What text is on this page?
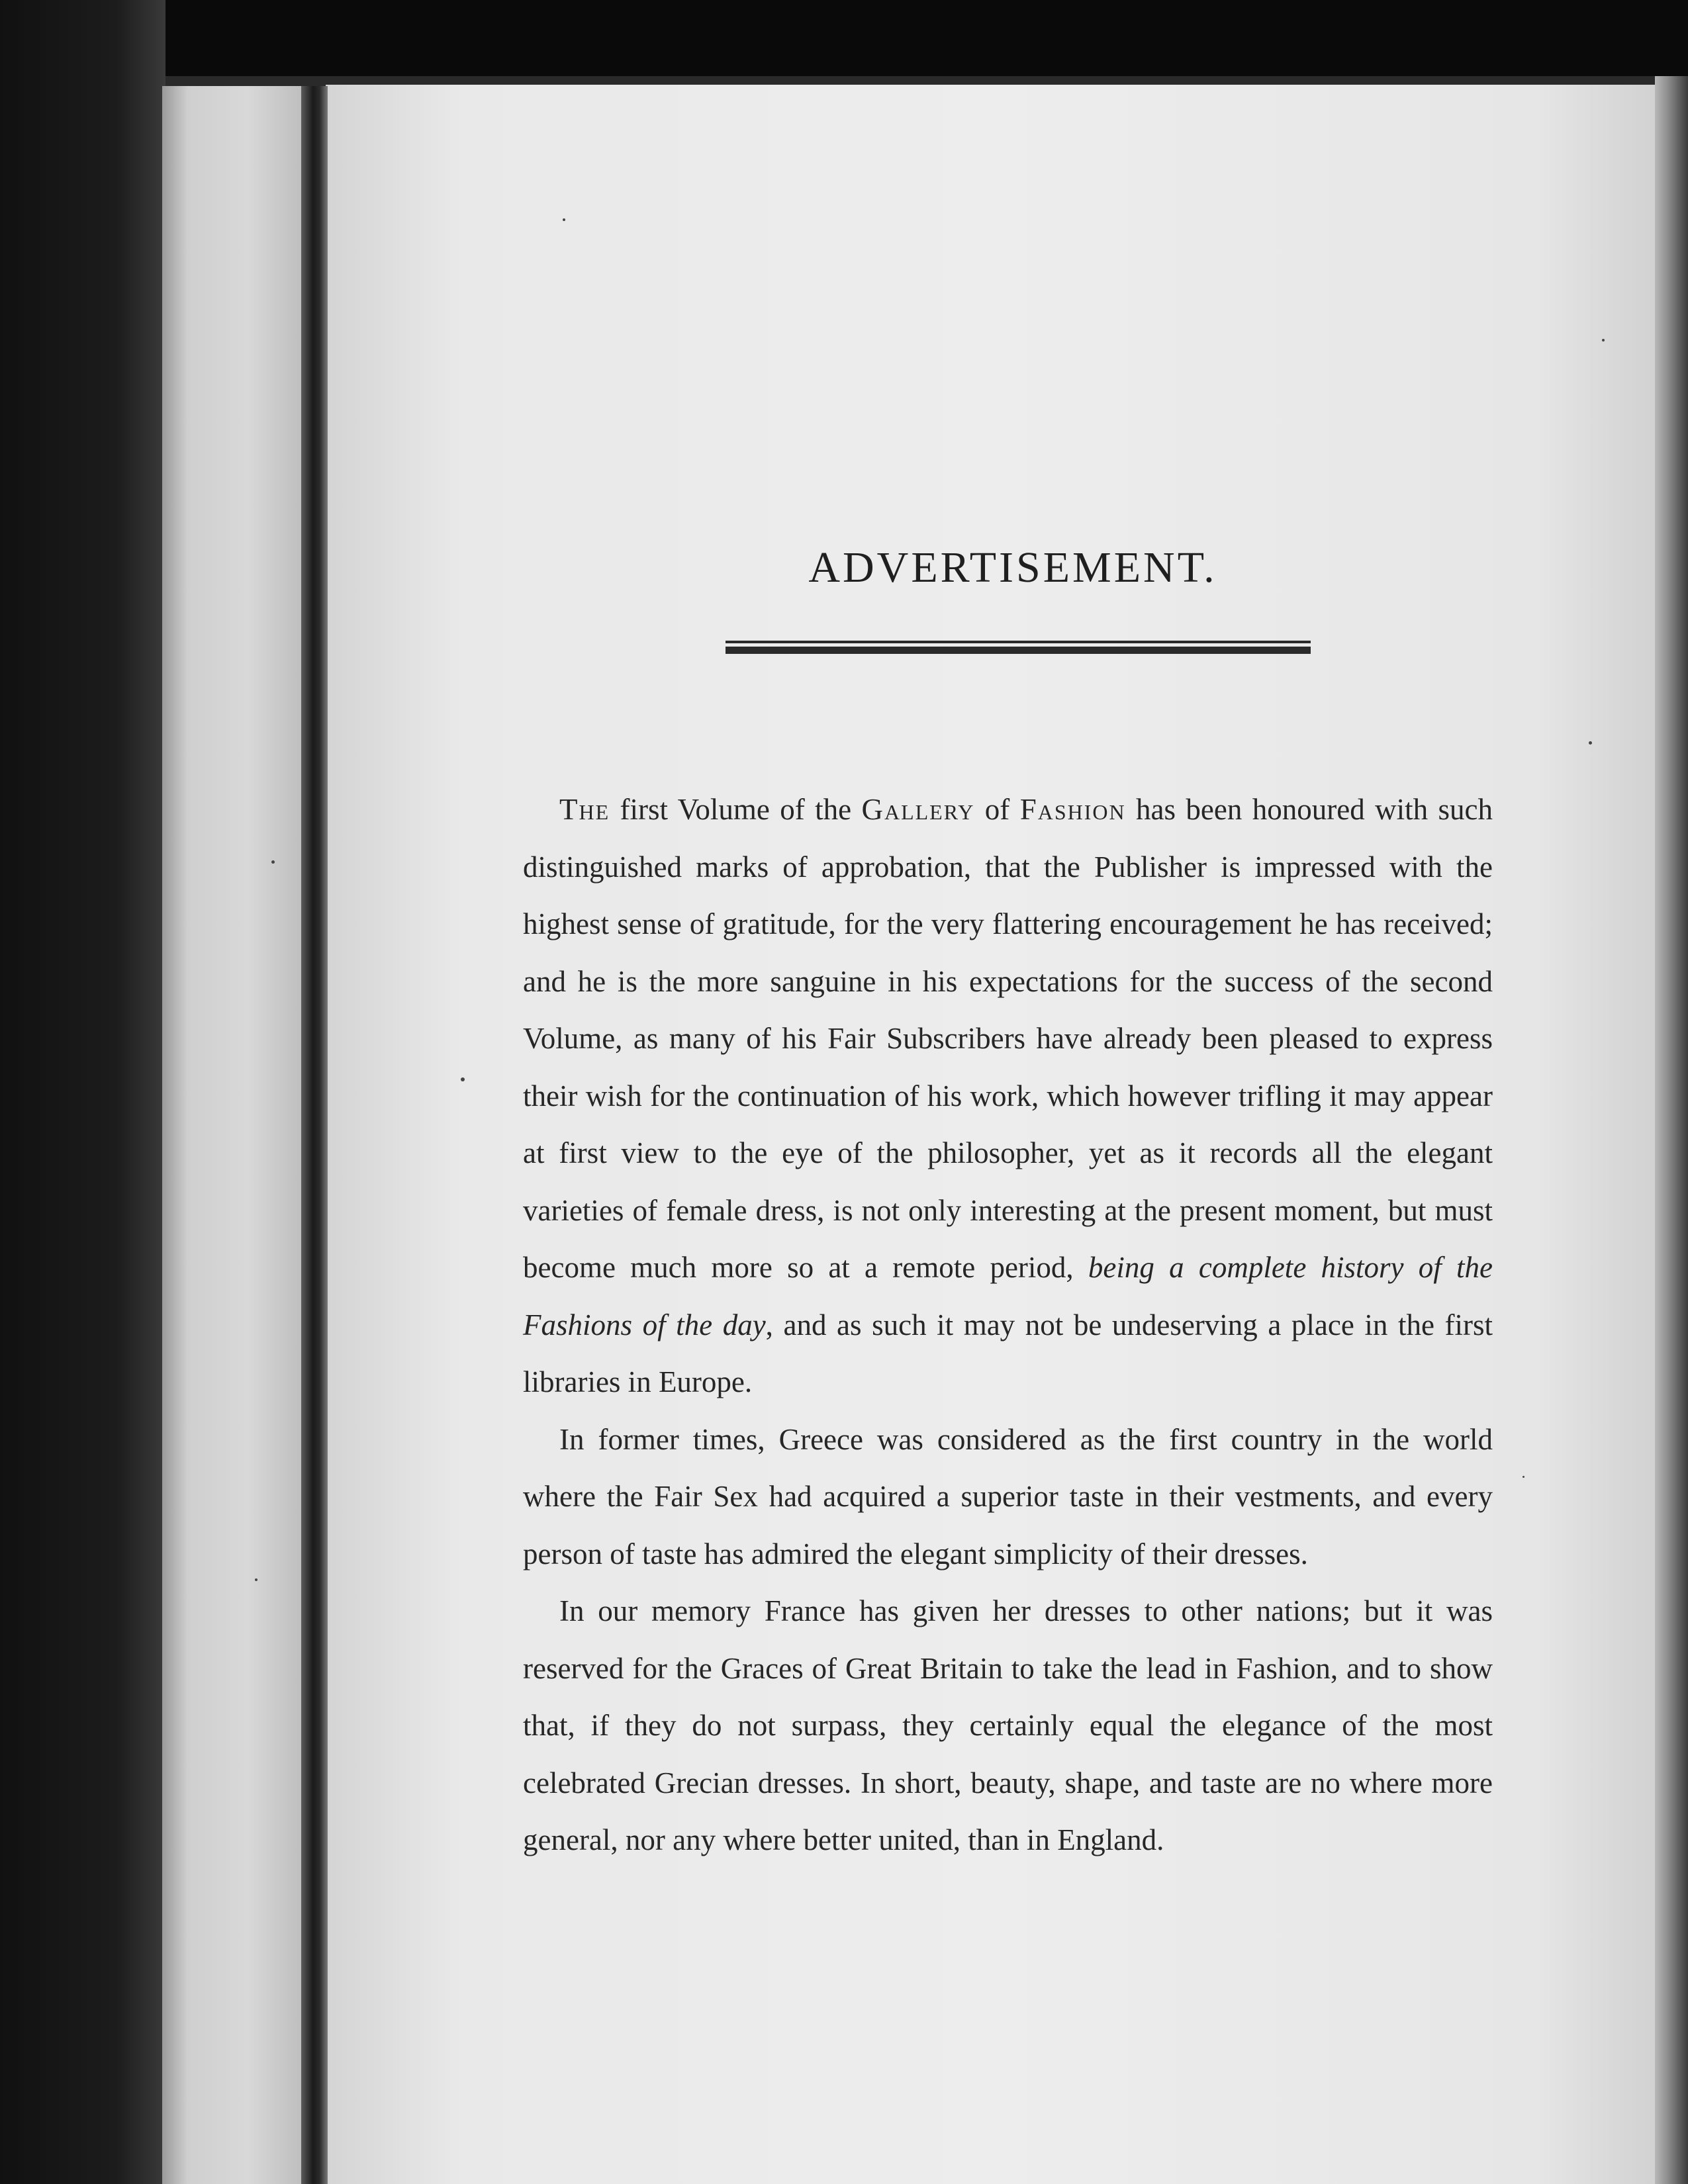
ADVERTISEMENT.

The first Volume of the Gallery of Fashion has been honoured with such distinguished marks of approbation, that the Publisher is impressed with the highest sense of gratitude, for the very flattering encouragement he has received; and he is the more sanguine in his expectations for the success of the second Volume, as many of his Fair Subscribers have already been pleased to express their wish for the continuation of his work, which however trifling it may appear at first view to the eye of the philosopher, yet as it records all the elegant varieties of female dress, is not only interesting at the present moment, but must become much more so at a remote period, being a complete history of the Fashions of the day, and as such it may not be undeserving a place in the first libraries in Europe.

In former times, Greece was considered as the first country in the world where the Fair Sex had acquired a superior taste in their vestments, and every person of taste has admired the elegant simplicity of their dresses.

In our memory France has given her dresses to other nations; but it was reserved for the Graces of Great Britain to take the lead in Fashion, and to show that, if they do not surpass, they certainly equal the elegance of the most celebrated Grecian dresses. In short, beauty, shape, and taste are no where more general, nor any where better united, than in England.
